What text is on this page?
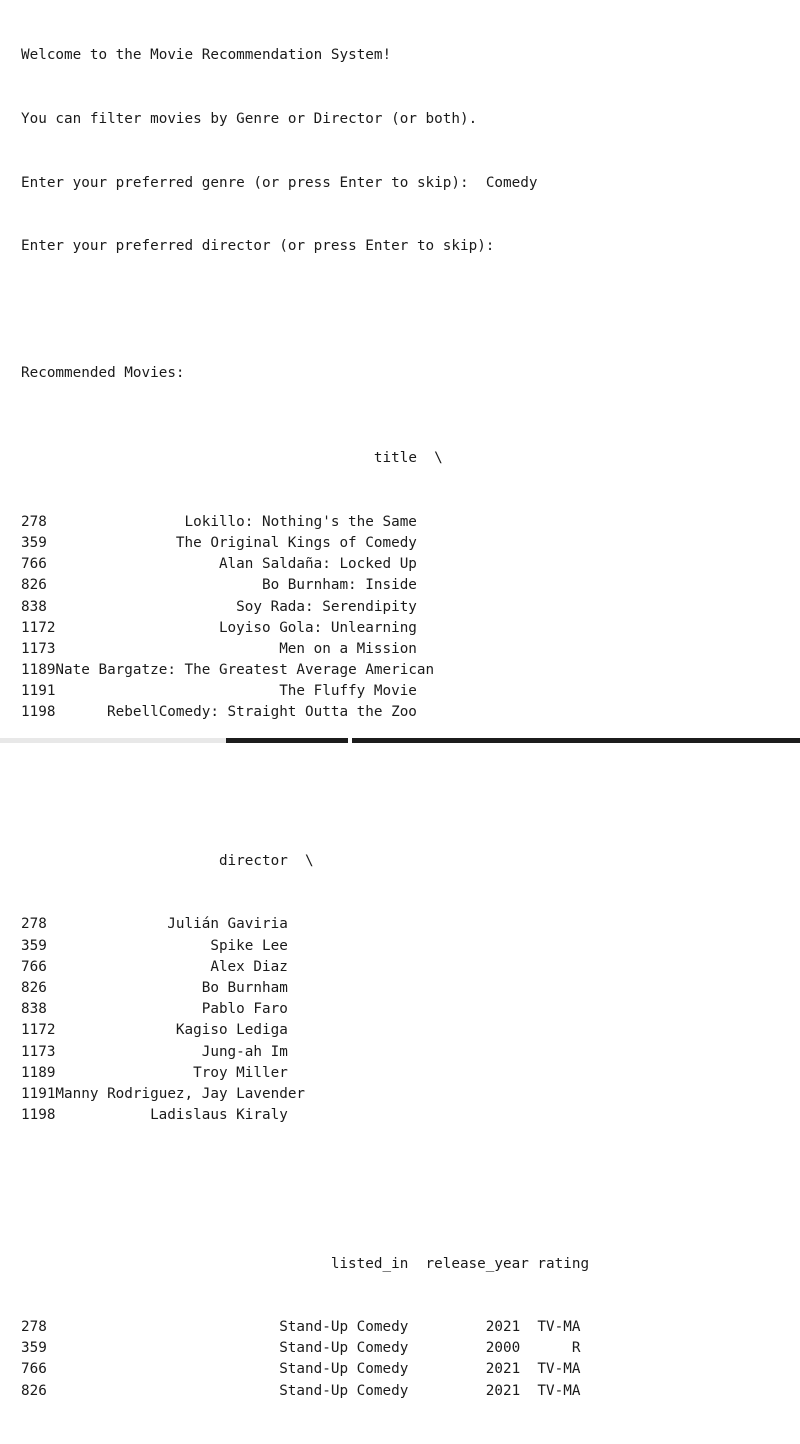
Welcome to the Movie Recommendation System!

You can filter movies by Genre or Director (or both).

Enter your preferred genre (or press Enter to skip):  Comedy

Enter your preferred director (or press Enter to skip):

Recommended Movies:

title \

278	Lokillo: Nothing's the Same
359	The Original Kings of Comedy
766	Alan Saldaña: Locked Up
826	Bo Burnham: Inside
838	Soy Rada: Serendipity
1172	Loyiso Gola: Unlearning
1173	Men on a Mission
1189Nate Bargatze: The Greatest Average American
1191	The Fluffy Movie
1198	RebellComedy: Straight Outta the Zoo

director \

278	Julián Gaviria
359	Spike Lee
766	Alex Diaz
826	Bo Burnham
838	Pablo Faro
1172	Kagiso Lediga
1173	Jung-ah Im
1189	Troy Miller
1191Manny Rodriguez, Jay Lavender
1198	Ladislaus Kiraly

listed_in release_year rating

278	Stand-Up Comedy	2021 TV-MA
359	Stand-Up Comedy	2000	R
766	Stand-Up Comedy	2021 TV-MA
826	Stand-Up Comedy	2021 TV-MA
